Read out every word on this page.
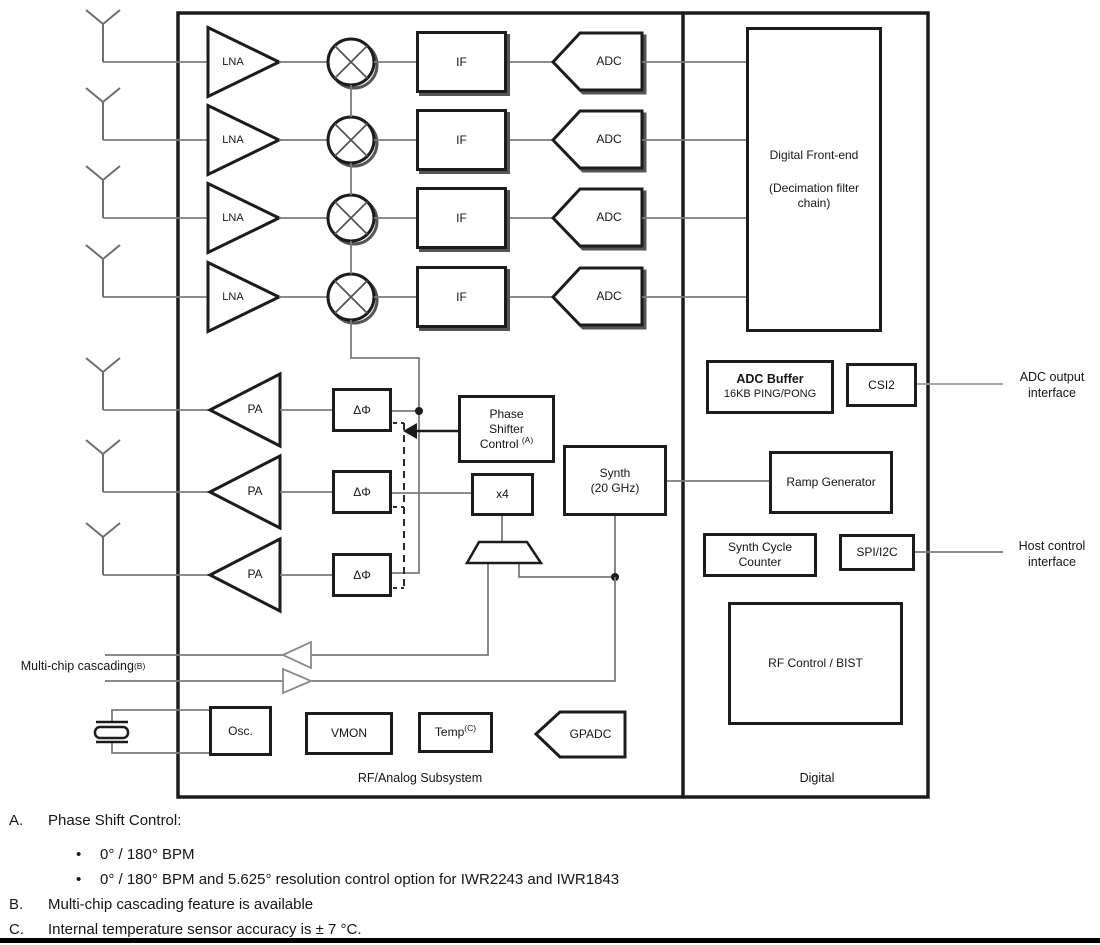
LNA
LNA
LNA
LNA
IF
IF
IF
IF
ADC
ADC
ADC
ADC
Digital Front-end
(Decimation filter chain)
ADC Buffer
16KB PING/PONG
CSI2
Ramp Generator
Synth
(20 GHz)
Synth Cycle Counter
SPI/I2C
RF Control / BIST
PA
PA
PA
ΔΦ
ΔΦ
ΔΦ
Phase
Shifter
Control $^{(A)}$
x4
Osc.	VMON	Temp$^{(C)}$	GPADC
RF/Analog Subsystem	Digital
Multi-chip cascading (B)
ADC output interface
Host control interface
A. Phase Shift Control:
• 0° / 180° BPM
• 0° / 180° BPM and 5.625° resolution control option for IWR2243 and IWR1843
B. Multi-chip cascading feature is available
C. Internal temperature sensor accuracy is ± 7 °C.
